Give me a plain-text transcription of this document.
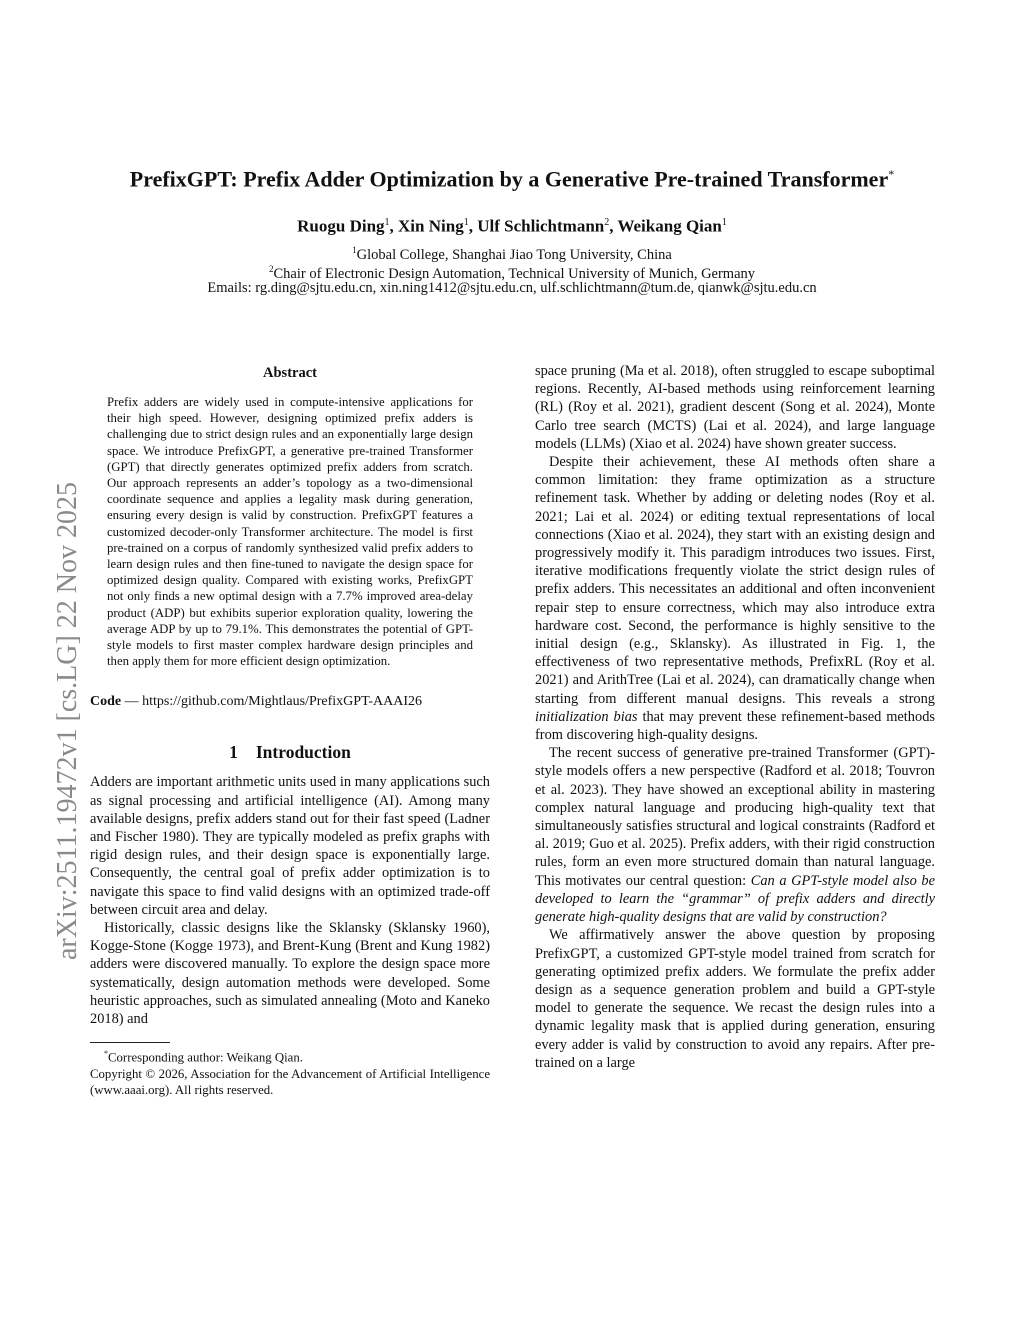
arXiv:2511.19472v1 [cs.LG] 22 Nov 2025
PrefixGPT: Prefix Adder Optimization by a Generative Pre-trained Transformer*
Ruogu Ding$^1$, Xin Ning$^1$, Ulf Schlichtmann$^2$, Weikang Qian$^1$
$^1$Global College, Shanghai Jiao Tong University, China
$^2$Chair of Electronic Design Automation, Technical University of Munich, Germany
Emails: rg.ding@sjtu.edu.cn, xin.ning1412@sjtu.edu.cn, ulf.schlichtmann@tum.de, qianwk@sjtu.edu.cn
Abstract

Prefix adders are widely used in compute-intensive applications for their high speed. However, designing optimized prefix adders is challenging due to strict design rules and an exponentially large design space. We introduce PrefixGPT, a generative pre-trained Transformer (GPT) that directly generates optimized prefix adders from scratch. Our approach represents an adder’s topology as a two-dimensional coordinate sequence and applies a legality mask during generation, ensuring every design is valid by construction. PrefixGPT features a customized decoder-only Transformer architecture. The model is first pre-trained on a corpus of randomly synthesized valid prefix adders to learn design rules and then fine-tuned to navigate the design space for optimized design quality. Compared with existing works, PrefixGPT not only finds a new optimal design with a 7.7% improved area-delay product (ADP) but exhibits superior exploration quality, lowering the average ADP by up to 79.1%. This demonstrates the potential of GPT-style models to first master complex hardware design principles and then apply them for more efficient design optimization.

Code — https://github.com/Mightlaus/PrefixGPT-AAAI26
1 Introduction

Adders are important arithmetic units used in many applications such as signal processing and artificial intelligence (AI). Among many available designs, prefix adders stand out for their fast speed (Ladner and Fischer 1980). They are typically modeled as prefix graphs with rigid design rules, and their design space is exponentially large. Consequently, the central goal of prefix adder optimization is to navigate this space to find valid designs with an optimized trade-off between circuit area and delay.

Historically, classic designs like the Sklansky (Sklansky 1960), Kogge-Stone (Kogge 1973), and Brent-Kung (Brent and Kung 1982) adders were discovered manually. To explore the design space more systematically, design automation methods were developed. Some heuristic approaches, such as simulated annealing (Moto and Kaneko 2018) and

*Corresponding author: Weikang Qian.

Copyright © 2026, Association for the Advancement of Artificial Intelligence (www.aaai.org). All rights reserved.

space pruning (Ma et al. 2018), often struggled to escape suboptimal regions. Recently, AI-based methods using reinforcement learning (RL) (Roy et al. 2021), gradient descent (Song et al. 2024), Monte Carlo tree search (MCTS) (Lai et al. 2024), and large language models (LLMs) (Xiao et al. 2024) have shown greater success.

Despite their achievement, these AI methods often share a common limitation: they frame optimization as a structure refinement task. Whether by adding or deleting nodes (Roy et al. 2021; Lai et al. 2024) or editing textual representations of local connections (Xiao et al. 2024), they start with an existing design and progressively modify it. This paradigm introduces two issues. First, iterative modifications frequently violate the strict design rules of prefix adders. This necessitates an additional and often inconvenient repair step to ensure correctness, which may also introduce extra hardware cost. Second, the performance is highly sensitive to the initial design (e.g., Sklansky). As illustrated in Fig. 1, the effectiveness of two representative methods, PrefixRL (Roy et al. 2021) and ArithTree (Lai et al. 2024), can dramatically change when starting from different manual designs. This reveals a strong initialization bias that may prevent these refinement-based methods from discovering high-quality designs.

The recent success of generative pre-trained Transformer (GPT)-style models offers a new perspective (Radford et al. 2018; Touvron et al. 2023). They have showed an exceptional ability in mastering complex natural language and producing high-quality text that simultaneously satisfies structural and logical constraints (Radford et al. 2019; Guo et al. 2025). Prefix adders, with their rigid construction rules, form an even more structured domain than natural language. This motivates our central question: Can a GPT-style model also be developed to learn the “grammar” of prefix adders and directly generate high-quality designs that are valid by construction?

We affirmatively answer the above question by proposing PrefixGPT, a customized GPT-style model trained from scratch for generating optimized prefix adders. We formulate the prefix adder design as a sequence generation problem and build a GPT-style model to generate the sequence. We recast the design rules into a dynamic legality mask that is applied during generation, ensuring every adder is valid by construction to avoid any repairs. After pre-trained on a large
